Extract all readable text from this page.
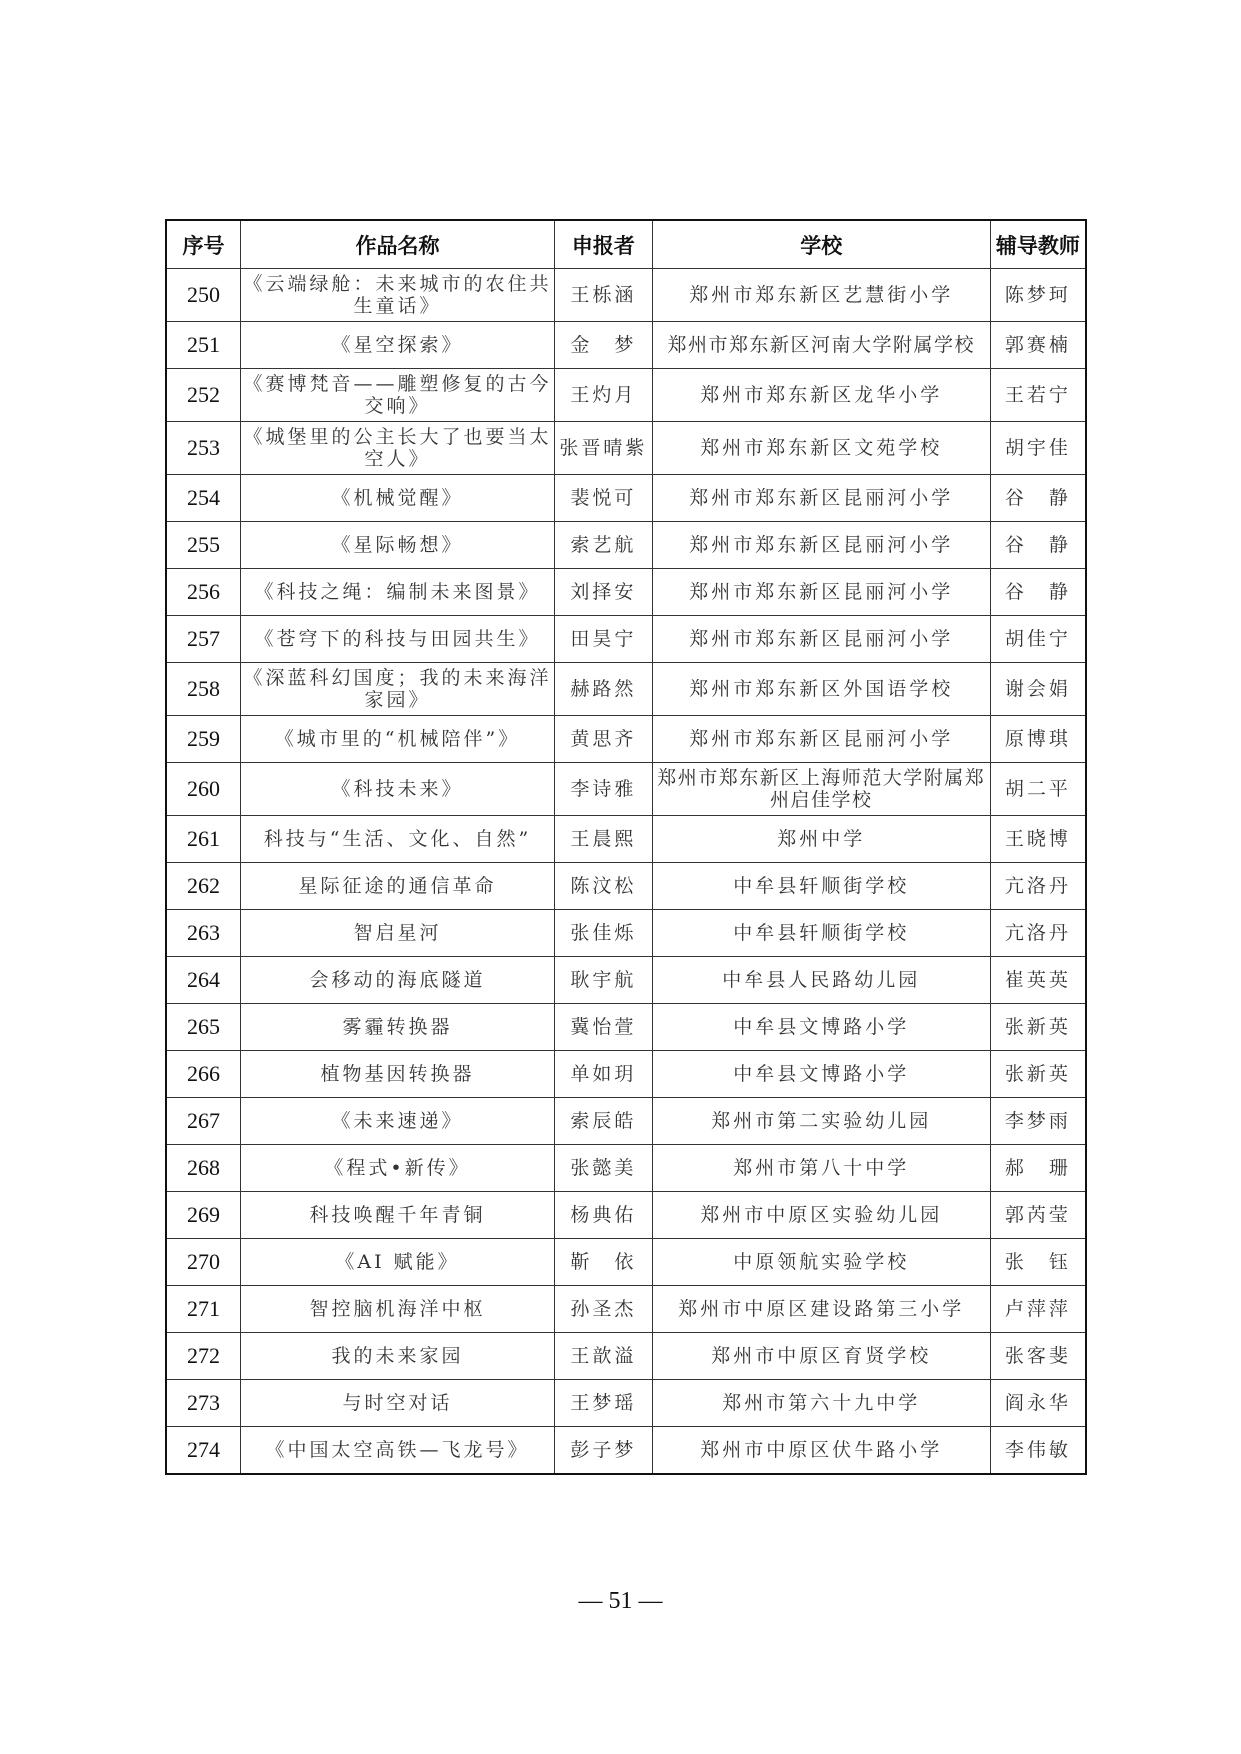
序号	作品名称	申报者	学校	辅导教师
250	《云端绿舱：未来城市的农住共生童话》	王栎涵	郑州市郑东新区艺慧街小学	陈梦珂
251	《星空探索》	金　梦	郑州市郑东新区河南大学附属学校	郭赛楠
252	《赛博梵音——雕塑修复的古今交响》	王灼月	郑州市郑东新区龙华小学	王若宁
253	《城堡里的公主长大了也要当太空人》	张晋晴紫	郑州市郑东新区文苑学校	胡宇佳
254	《机械觉醒》	裴悦可	郑州市郑东新区昆丽河小学	谷　静
255	《星际畅想》	索艺航	郑州市郑东新区昆丽河小学	谷　静
256	《科技之绳：编制未来图景》	刘择安	郑州市郑东新区昆丽河小学	谷　静
257	《苍穹下的科技与田园共生》	田昊宁	郑州市郑东新区昆丽河小学	胡佳宁
258	《深蓝科幻国度；我的未来海洋家园》	赫路然	郑州市郑东新区外国语学校	谢会娟
259	《城市里的“机械陪伴”》	黄思齐	郑州市郑东新区昆丽河小学	原博琪
260	《科技未来》	李诗雅	郑州市郑东新区上海师范大学附属郑州启佳学校	胡二平
261	科技与“生活、文化、自然”	王晨熙	郑州中学	王晓博
262	星际征途的通信革命	陈汶松	中牟县轩顺街学校	亢洛丹
263	智启星河	张佳烁	中牟县轩顺街学校	亢洛丹
264	会移动的海底隧道	耿宇航	中牟县人民路幼儿园	崔英英
265	雾霾转换器	冀怡萱	中牟县文博路小学	张新英
266	植物基因转换器	单如玥	中牟县文博路小学	张新英
267	《未来速递》	索辰皓	郑州市第二实验幼儿园	李梦雨
268	《程式•新传》	张懿美	郑州市第八十中学	郝　珊
269	科技唤醒千年青铜	杨典佑	郑州市中原区实验幼儿园	郭芮莹
270	《AI 赋能》	靳　依	中原领航实验学校	张　钰
271	智控脑机海洋中枢	孙圣杰	郑州市中原区建设路第三小学	卢萍萍
272	我的未来家园	王歆溢	郑州市中原区育贤学校	张客斐
273	与时空对话	王梦瑶	郑州市第六十九中学	阎永华
274	《中国太空高铁—飞龙号》	彭子梦	郑州市中原区伏牛路小学	李伟敏
— 51 —
